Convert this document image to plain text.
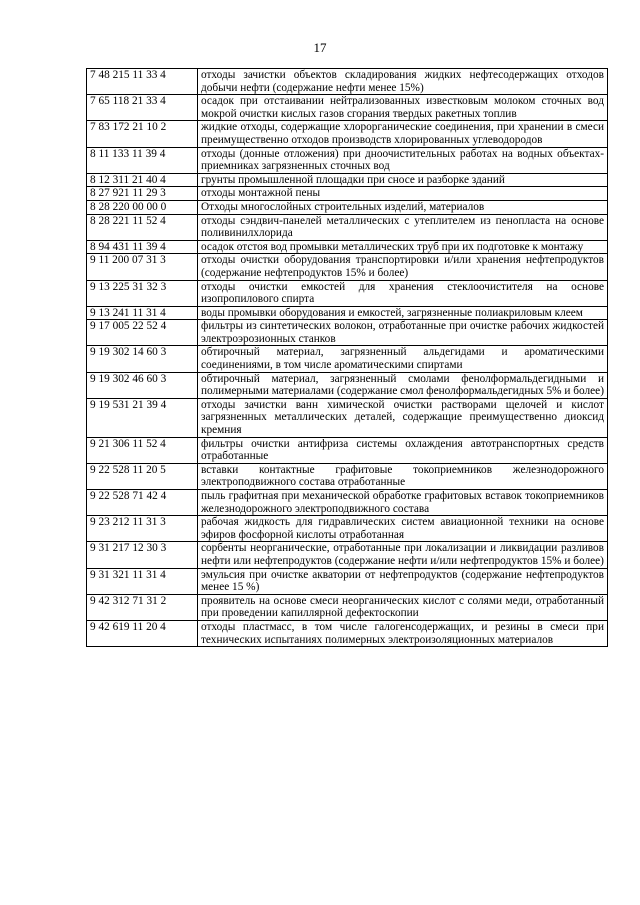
17
7 48 215 11 33 4	отходы зачистки объектов складирования жидких нефтесодержащих отходов добычи нефти (содержание нефти менее 15%)
7 65 118 21 33 4	осадок при отстаивании нейтрализованных известковым молоком сточных вод мокрой очистки кислых газов сгорания твердых ракетных топлив
7 83 172 21 10 2	жидкие отходы, содержащие хлорорганические соединения, при хранении в смеси преимущественно отходов производств хлорированных углеводородов
8 11 133 11 39 4	отходы (донные отложения) при дноочистительных работах на водных объектах-приемниках загрязненных сточных вод
8 12 311 21 40 4	грунты промышленной площадки при сносе и разборке зданий
8 27 921 11 29 3	отходы монтажной пены
8 28 220 00 00 0	Отходы многослойных строительных изделий, материалов
8 28 221 11 52 4	отходы сэндвич-панелей металлических с утеплителем из пенопласта на основе поливинилхлорида
8 94 431 11 39 4	осадок отстоя вод промывки металлических труб при их подготовке к монтажу
9 11 200 07 31 3	отходы очистки оборудования транспортировки и/или хранения нефтепродуктов (содержание нефтепродуктов 15% и более)
9 13 225 31 32 3	отходы очистки емкостей для хранения стеклоочистителя на основе изопропилового спирта
9 13 241 11 31 4	воды промывки оборудования и емкостей, загрязненные полиакриловым клеем
9 17 005 22 52 4	фильтры из синтетических волокон, отработанные при очистке рабочих жидкостей электроэрозионных станков
9 19 302 14 60 3	обтирочный материал, загрязненный альдегидами и ароматическими соединениями, в том числе ароматическими спиртами
9 19 302 46 60 3	обтирочный материал, загрязненный смолами фенолформальдегидными и полимерными материалами (содержание смол фенолформальдегидных 5% и более)
9 19 531 21 39 4	отходы зачистки ванн химической очистки растворами щелочей и кислот загрязненных металлических деталей, содержащие преимущественно диоксид кремния
9 21 306 11 52 4	фильтры очистки антифриза системы охлаждения автотранспортных средств отработанные
9 22 528 11 20 5	вставки контактные графитовые токоприемников железнодорожного электроподвижного состава отработанные
9 22 528 71 42 4	пыль графитная при механической обработке графитовых вставок токоприемников железнодорожного электроподвижного состава
9 23 212 11 31 3	рабочая жидкость для гидравлических систем авиационной техники на основе эфиров фосфорной кислоты отработанная
9 31 217 12 30 3	сорбенты неорганические, отработанные при локализации и ликвидации разливов нефти или нефтепродуктов (содержание нефти и/или нефтепродуктов 15% и более)
9 31 321 11 31 4	эмульсия при очистке акватории от нефтепродуктов (содержание нефтепродуктов менее 15 %)
9 42 312 71 31 2	проявитель на основе смеси неорганических кислот с солями меди, отработанный при проведении капиллярной дефектоскопии
9 42 619 11 20 4	отходы пластмасс, в том числе галогенсодержащих, и резины в смеси при технических испытаниях полимерных электроизоляционных материалов
